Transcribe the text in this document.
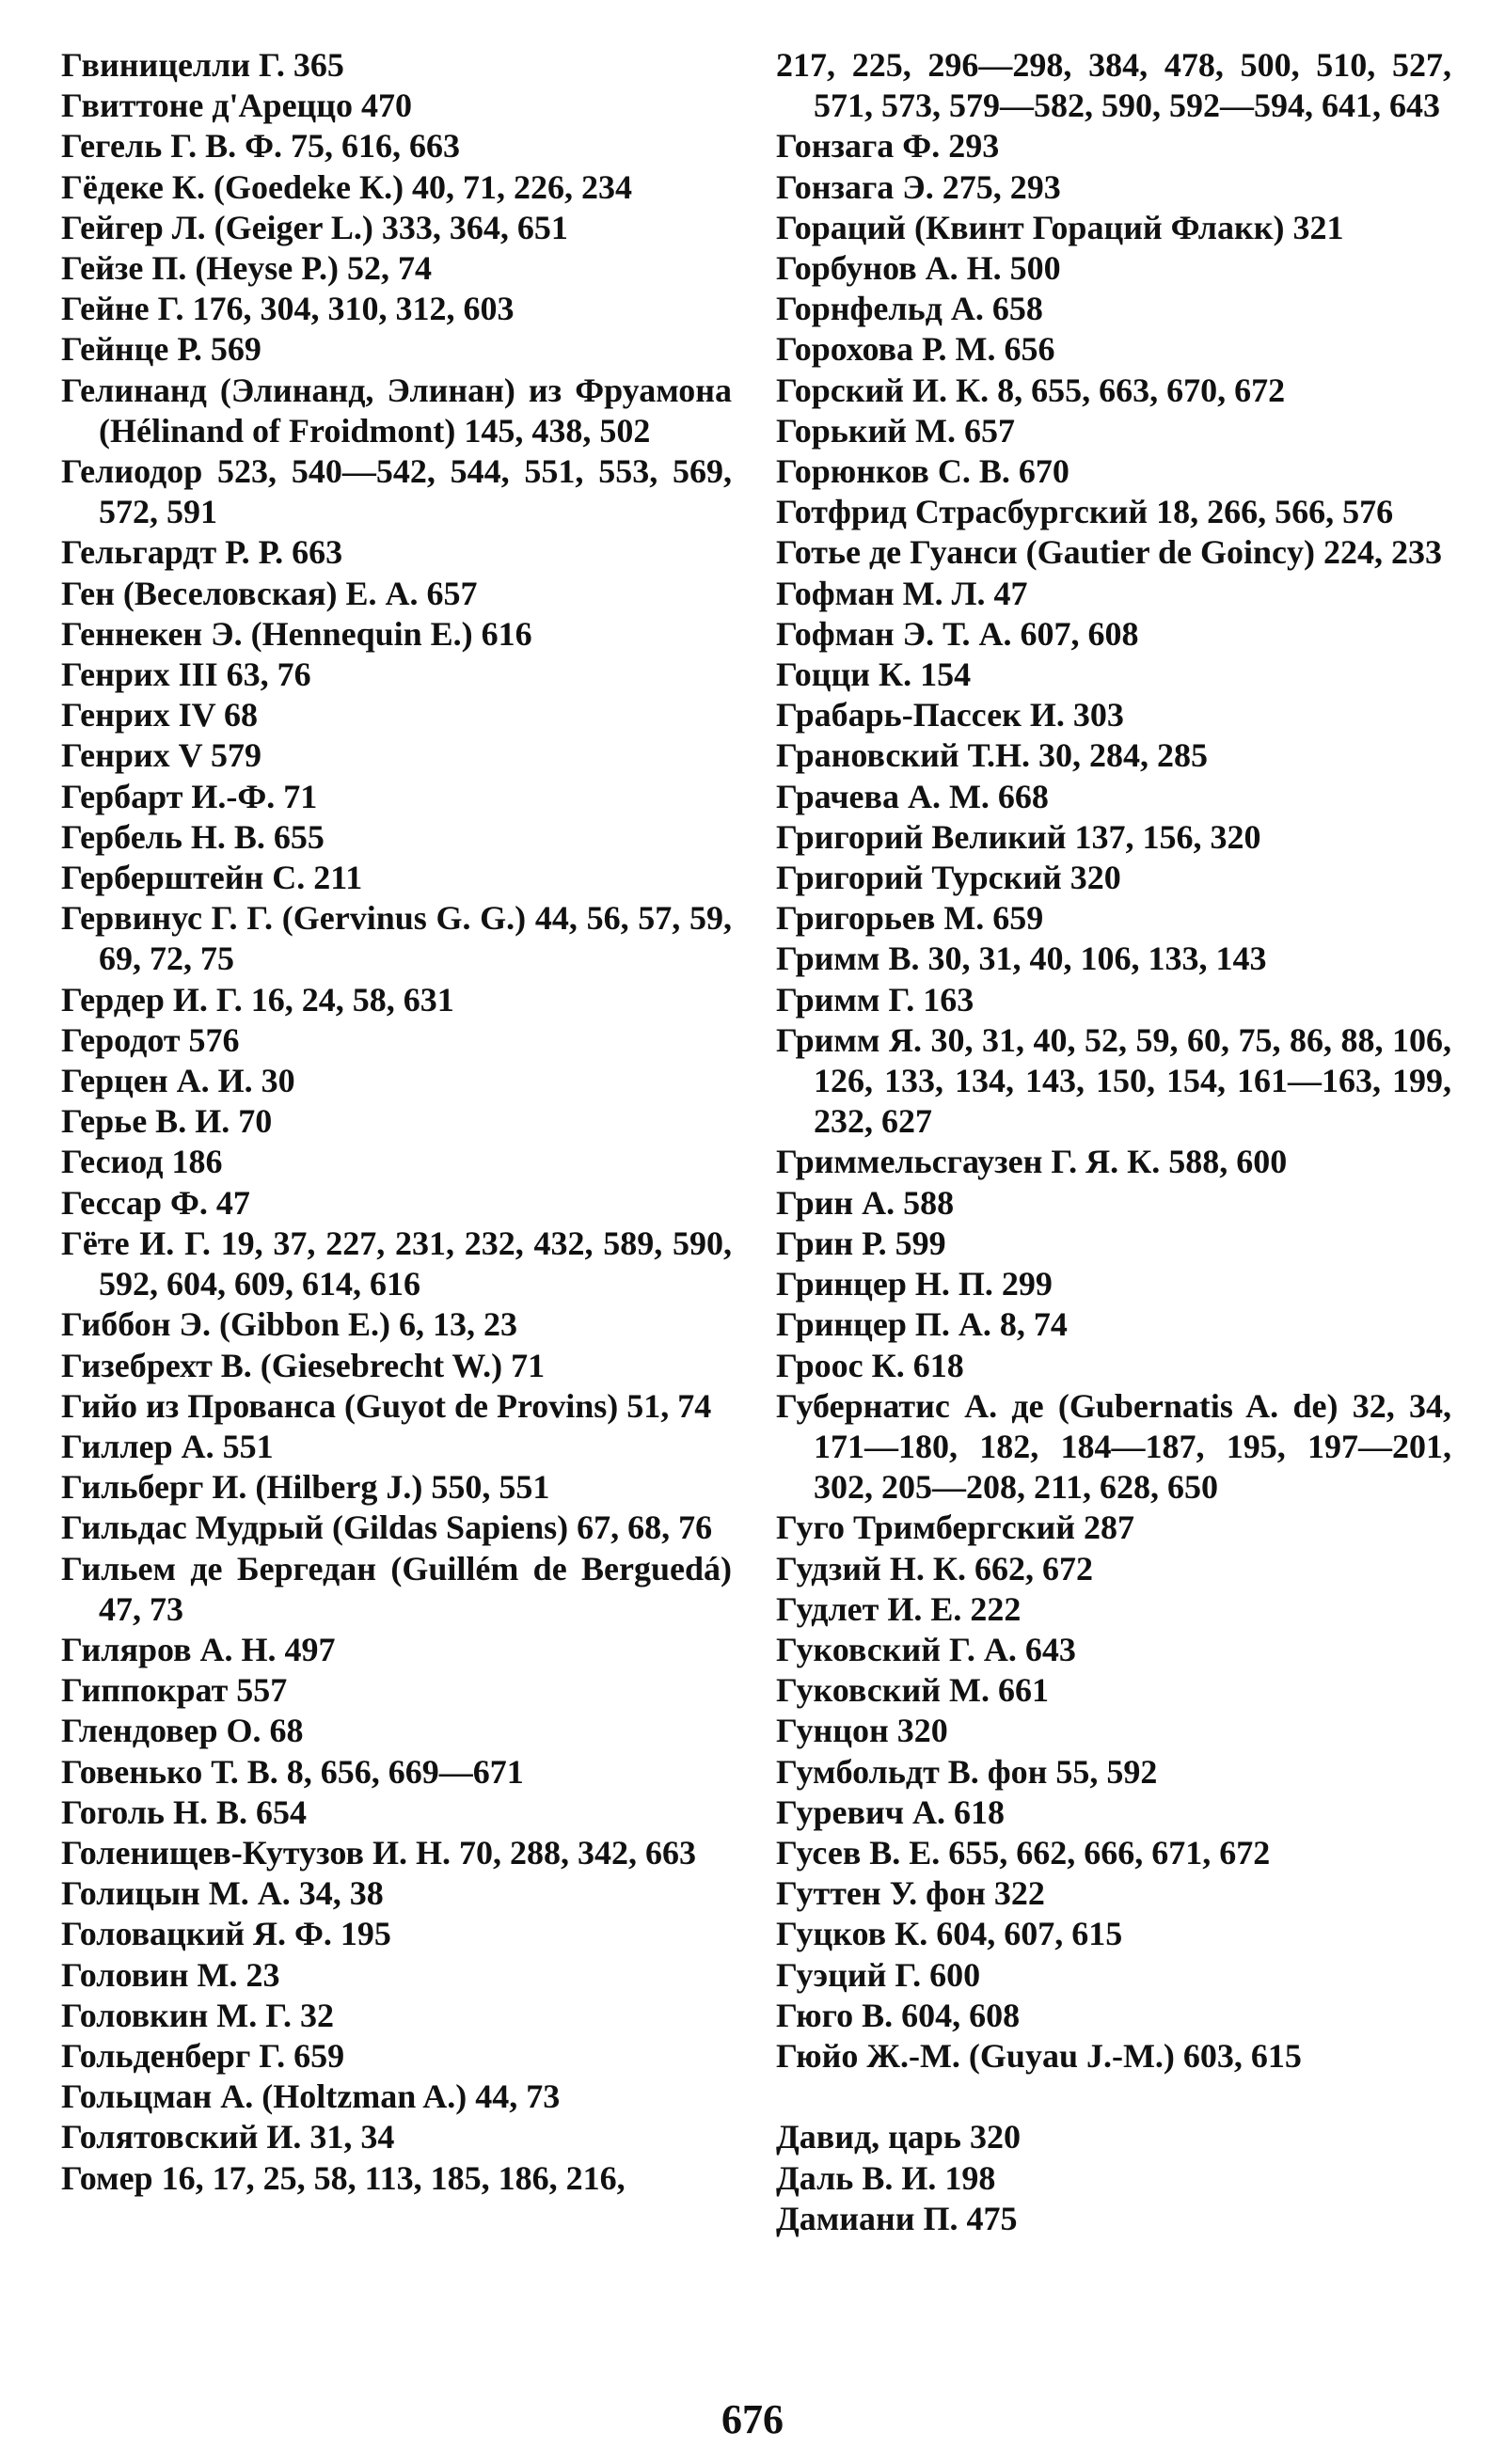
Гвиницелли Г. 365
Гвиттоне д'Ареццо 470
Гегель Г. В. Ф. 75, 616, 663
Гёдеке К. (Goedeke К.) 40, 71, 226, 234
Гейгер Л. (Geiger L.) 333, 364, 651
Гейзе П. (Heyse P.) 52, 74
Гейне Г. 176, 304, 310, 312, 603
Гейнце Р. 569
Гелинанд (Элинанд, Элинан) из Фруамона (Hélinand of Froidmont) 145, 438, 502
Гелиодор 523, 540—542, 544, 551, 553, 569, 572, 591
Гельгардт Р. Р. 663
Ген (Веселовская) Е. А. 657
Геннекен Э. (Hennequin Е.) 616
Генрих III 63, 76
Генрих IV 68
Генрих V 579
Гербарт И.-Ф. 71
Гербель Н. В. 655
Герберштейн С. 211
Гервинус Г. Г. (Gervinus G. G.) 44, 56, 57, 59, 69, 72, 75
Гердер И. Г. 16, 24, 58, 631
Геродот 576
Герцен А. И. 30
Герье В. И. 70
Гесиод 186
Гессар Ф. 47
Гёте И. Г. 19, 37, 227, 231, 232, 432, 589, 590, 592, 604, 609, 614, 616
Гиббон Э. (Gibbon E.) 6, 13, 23
Гизебрехт В. (Giesebrecht W.) 71
Гийо из Прованса (Guyot de Provins) 51, 74
Гиллер А. 551
Гильберг И. (Hilberg J.) 550, 551
Гильдас Мудрый (Gildas Sapiens) 67, 68, 76
Гильем де Бергедан (Guillém de Berguedá) 47, 73
Гиляров А. Н. 497
Гиппократ 557
Глендовер О. 68
Говенько Т. В. 8, 656, 669—671
Гоголь Н. В. 654
Голенищев-Кутузов И. Н. 70, 288, 342, 663
Голицын М. А. 34, 38
Головацкий Я. Ф. 195
Головин М. 23
Головкин М. Г. 32
Гольденберг Г. 659
Гольцман А. (Holtzman A.) 44, 73
Голятовский И. 31, 34
Гомер 16, 17, 25, 58, 113, 185, 186, 216,
217, 225, 296—298, 384, 478, 500, 510, 527, 571, 573, 579—582, 590, 592—594, 641, 643
Гонзага Ф. 293
Гонзага Э. 275, 293
Гораций (Квинт Гораций Флакк) 321
Горбунов А. Н. 500
Горнфельд А. 658
Горохова Р. М. 656
Горский И. К. 8, 655, 663, 670, 672
Горький М. 657
Горюнков С. В. 670
Готфрид Страсбургский 18, 266, 566, 576
Готье де Гуанси (Gautier de Goincy) 224, 233
Гофман М. Л. 47
Гофман Э. Т. А. 607, 608
Гоцци К. 154
Грабарь-Пассек И. 303
Грановский Т.Н. 30, 284, 285
Грачева А. М. 668
Григорий Великий 137, 156, 320
Григорий Турский 320
Григорьев М. 659
Гримм В. 30, 31, 40, 106, 133, 143
Гримм Г. 163
Гримм Я. 30, 31, 40, 52, 59, 60, 75, 86, 88, 106, 126, 133, 134, 143, 150, 154, 161—163, 199, 232, 627
Гриммельсгаузен Г. Я. К. 588, 600
Грин А. 588
Грин Р. 599
Гринцер Н. П. 299
Гринцер П. А. 8, 74
Гроос К. 618
Губернатис А. де (Gubernatis A. de) 32, 34, 171—180, 182, 184—187, 195, 197—201, 302, 205—208, 211, 628, 650
Гуго Тримбергский 287
Гудзий Н. К. 662, 672
Гудлет И. Е. 222
Гуковский Г. А. 643
Гуковский М. 661
Гунцон 320
Гумбольдт В. фон 55, 592
Гуревич А. 618
Гусев В. Е. 655, 662, 666, 671, 672
Гуттен У. фон 322
Гуцков К. 604, 607, 615
Гуэций Г. 600
Гюго В. 604, 608
Гюйо Ж.-М. (Guyau J.-M.) 603, 615
Давид, царь 320
Даль В. И. 198
Дамиани П. 475
676
